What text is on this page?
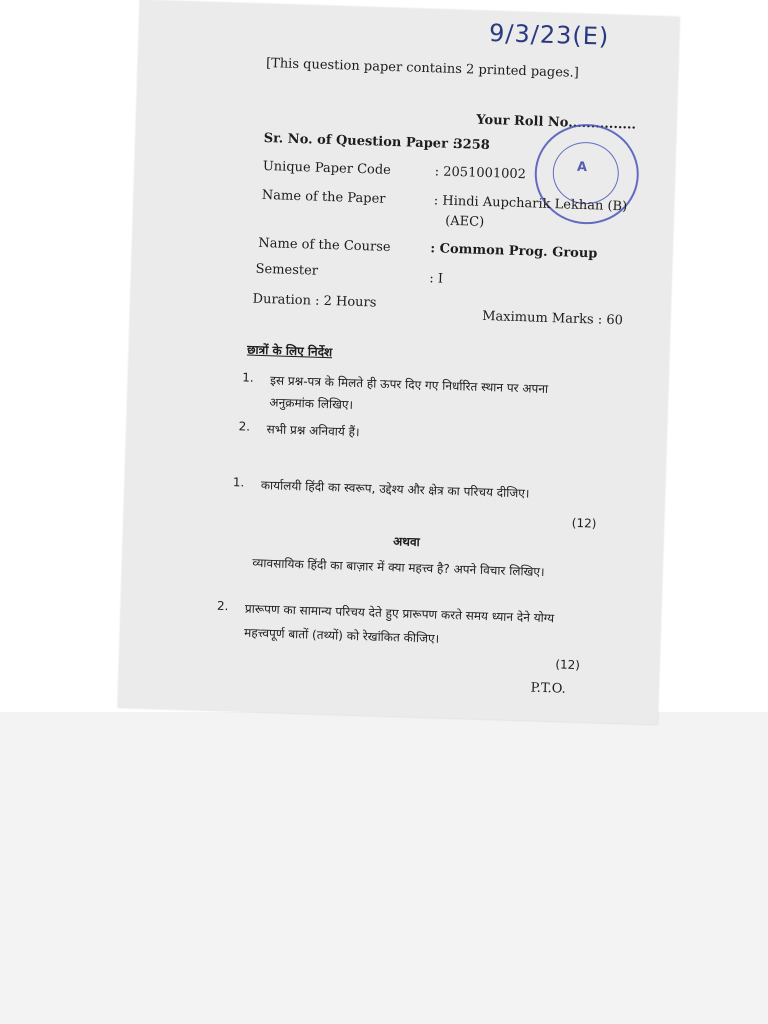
9/3/23(E)
[This question paper contains 2 printed pages.]
Your Roll No...............
A
Sr. No. of Question Paper :
3258
Unique Paper Code	: 2051001002
Name of the Paper	: Hindi Aupcharik Lekhan (B)
(AEC)
Name of the Course	: Common Prog. Group
Semester
: I
Duration : 2 Hours
Maximum Marks : 60
छात्रों के लिए निर्देश
1. इस प्रश्न-पत्र के मिलते ही ऊपर दिए गए निर्धारित स्थान पर अपना
अनुक्रमांक लिखिए।
2. सभी प्रश्न अनिवार्य हैं।
1. कार्यालयी हिंदी का स्वरूप, उद्देश्य और क्षेत्र का परिचय दीजिए।
(12)
अथवा
व्यावसायिक हिंदी का बाज़ार में क्या महत्त्व है? अपने विचार लिखिए।
2. प्रारूपण का सामान्य परिचय देते हुए प्रारूपण करते समय ध्यान देने योग्य
महत्त्वपूर्ण बातों (तथ्यों) को रेखांकित कीजिए।
(12)
P.T.O.
